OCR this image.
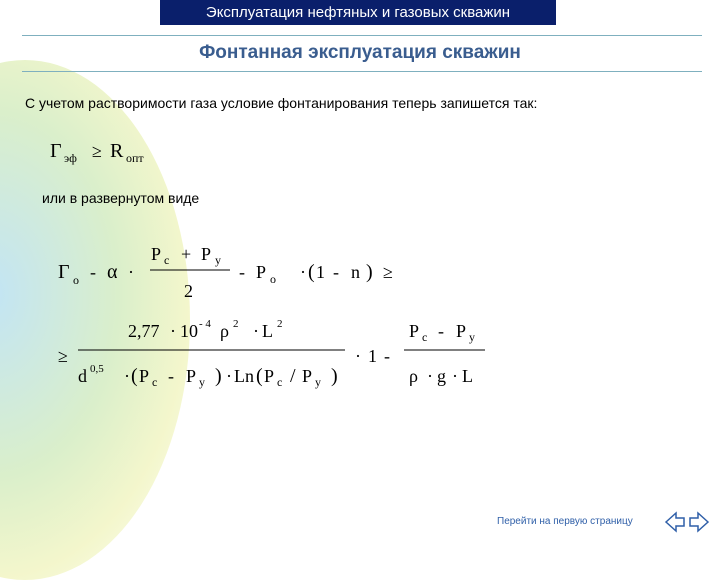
Эксплуатация нефтяных и газовых скважин
Фонтанная эксплуатация скважин
С учетом растворимости газа условие фонтанирования теперь запишется так:
Γ эф ≥ R опт
Γ о - α ·
P с + P у
2
- P о · ( 1 - n ) ≥
≥
2,77 · 10 - 4 ρ 2 · L 2
d 0,5 · ( P с - P у ) · Ln ( P с / P у )
· 1 -
P с - P у
ρ · g · L
или в развернутом виде
Перейти на первую страницу
